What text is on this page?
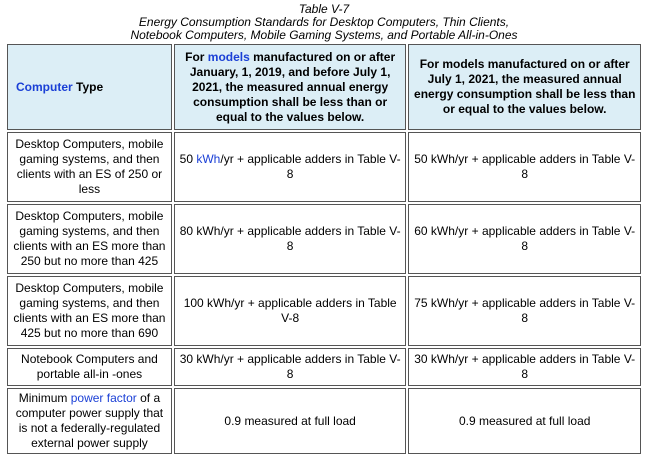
Table V-7
Energy Consumption Standards for Desktop Computers, Thin Clients,
Notebook Computers, Mobile Gaming Systems, and Portable All-in-Ones
Computer Type	For models manufactured on or after January, 1, 2019, and before July 1, 2021, the measured annual energy consumption shall be less than or equal to the values below.	For models manufactured on or after July 1, 2021, the measured annual energy consumption shall be less than or equal to the values below.
Desktop Computers, mobile gaming systems, and then clients with an ES of 250 or less	50 kWh/yr + applicable adders in Table V-8	50 kWh/yr + applicable adders in Table V-8
Desktop Computers, mobile gaming systems, and then clients with an ES more than 250 but no more than 425	80 kWh/yr + applicable adders in Table V-8	60 kWh/yr + applicable adders in Table V-8
Desktop Computers, mobile gaming systems, and then clients with an ES more than 425 but no more than 690	100 kWh/yr + applicable adders in Table V-8	75 kWh/yr + applicable adders in Table V-8
Notebook Computers and portable all-in -ones	30 kWh/yr + applicable adders in Table V-8	30 kWh/yr + applicable adders in Table V-8
Minimum power factor of a computer power supply that is not a federally-regulated external power supply	0.9 measured at full load	0.9 measured at full load
